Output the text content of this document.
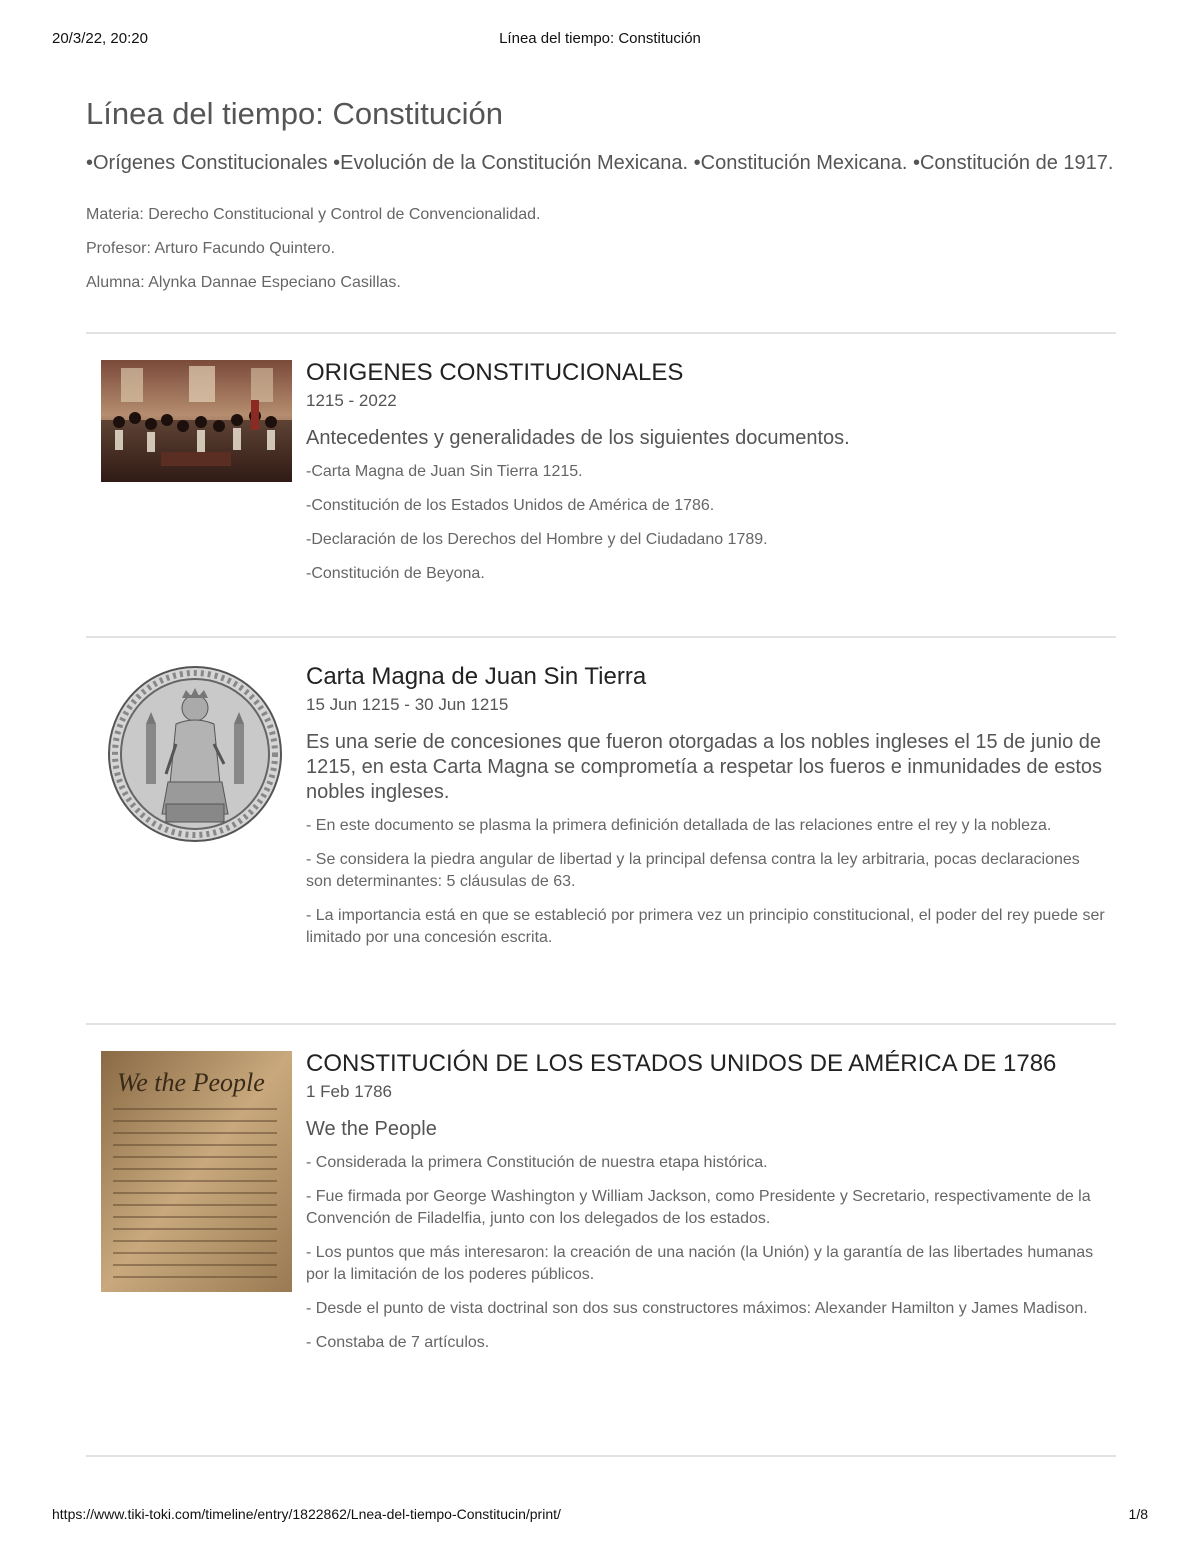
20/3/22, 20:20	Línea del tiempo: Constitución
Línea del tiempo: Constitución

•Orígenes Constitucionales •Evolución de la Constitución Mexicana. •Constitución Mexicana. •Constitución de 1917.

Materia: Derecho Constitucional y Control de Convencionalidad.

Profesor: Arturo Facundo Quintero.

Alumna: Alynka Dannae Especiano Casillas.

ORIGENES CONSTITUCIONALES

1215 - 2022

Antecedentes y generalidades de los siguientes documentos.

-Carta Magna de Juan Sin Tierra 1215.

-Constitución de los Estados Unidos de América de 1786.

-Declaración de los Derechos del Hombre y del Ciudadano 1789.

-Constitución de Beyona.

Carta Magna de Juan Sin Tierra

15 Jun 1215 - 30 Jun 1215

Es una serie de concesiones que fueron otorgadas a los nobles ingleses el 15 de junio de 1215, en esta Carta Magna se comprometía a respetar los fueros e inmunidades de estos nobles ingleses.

- En este documento se plasma la primera definición detallada de las relaciones entre el rey y la nobleza.

- Se considera la piedra angular de libertad y la principal defensa contra la ley arbitraria, pocas declaraciones son determinantes: 5 cláusulas de 63.

- La importancia está en que se estableció por primera vez un principio constitucional, el poder del rey puede ser limitado por una concesión escrita.

We the People
CONSTITUCIÓN DE LOS ESTADOS UNIDOS DE AMÉRICA DE 1786

1 Feb 1786

We the People

- Considerada la primera Constitución de nuestra etapa histórica.

- Fue firmada por George Washington y William Jackson, como Presidente y Secretario, respectivamente de la Convención de Filadelfia, junto con los delegados de los estados.

- Los puntos que más interesaron: la creación de una nación (la Unión) y la garantía de las libertades humanas por la limitación de los poderes públicos.

- Desde el punto de vista doctrinal son dos sus constructores máximos: Alexander Hamilton y James Madison.

- Constaba de 7 artículos.

https://www.tiki-toki.com/timeline/entry/1822862/Lnea-del-tiempo-Constitucin/print/	1/8
